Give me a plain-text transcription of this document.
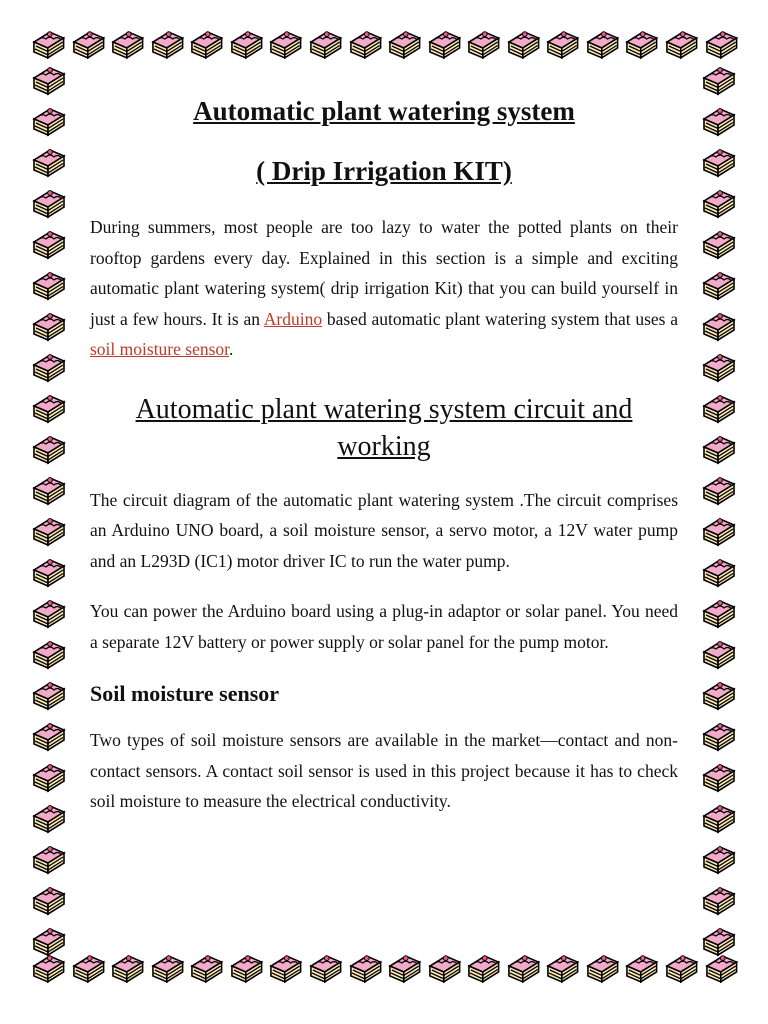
Automatic plant watering system
( Drip Irrigation KIT)

During summers, most people are too lazy to water the potted plants on their rooftop gardens every day. Explained in this section is a simple and exciting automatic plant watering system( drip irrigation Kit) that you can build yourself in just a few hours. It is an Arduino based automatic plant watering system that uses a soil moisture sensor.

Automatic plant watering system circuit and working

The circuit diagram of the automatic plant watering system .The circuit comprises an Arduino UNO board, a soil moisture sensor, a servo motor, a 12V water pump and an L293D (IC1) motor driver IC to run the water pump.

You can power the Arduino board using a plug-in adaptor or solar panel. You need a separate 12V battery or power supply or solar panel for the pump motor.

Soil moisture sensor

Two types of soil moisture sensors are available in the market—contact and non-contact sensors. A contact soil sensor is used in this project because it has to check soil moisture to measure the electrical conductivity.
